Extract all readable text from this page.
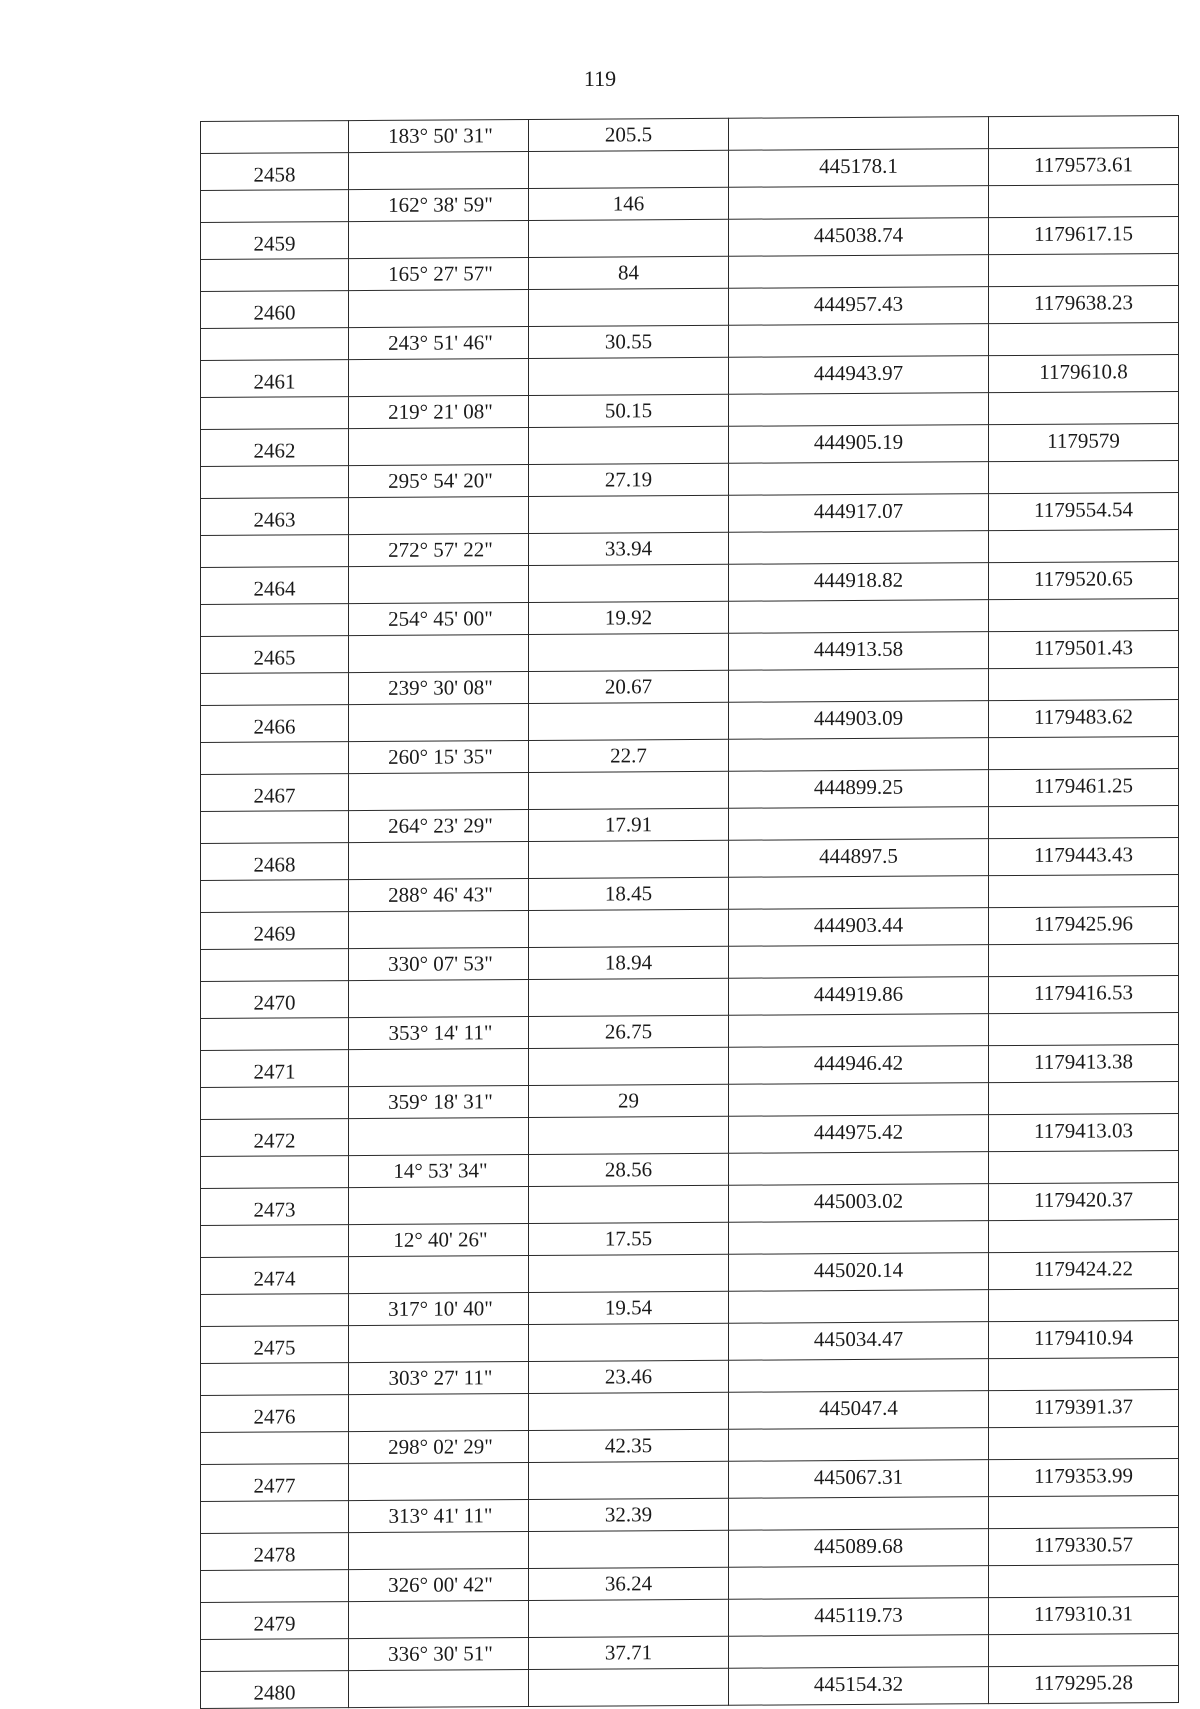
119
	183° 50' 31"	205.5		
2458			445178.1	1179573.61
	162° 38' 59"	146		
2459			445038.74	1179617.15
	165° 27' 57"	84		
2460			444957.43	1179638.23
	243° 51' 46"	30.55		
2461			444943.97	1179610.8
	219° 21' 08"	50.15		
2462			444905.19	1179579
	295° 54' 20"	27.19		
2463			444917.07	1179554.54
	272° 57' 22"	33.94		
2464			444918.82	1179520.65
	254° 45' 00"	19.92		
2465			444913.58	1179501.43
	239° 30' 08"	20.67		
2466			444903.09	1179483.62
	260° 15' 35"	22.7		
2467			444899.25	1179461.25
	264° 23' 29"	17.91		
2468			444897.5	1179443.43
	288° 46' 43"	18.45		
2469			444903.44	1179425.96
	330° 07' 53"	18.94		
2470			444919.86	1179416.53
	353° 14' 11"	26.75		
2471			444946.42	1179413.38
	359° 18' 31"	29		
2472			444975.42	1179413.03
	14° 53' 34"	28.56		
2473			445003.02	1179420.37
	12° 40' 26"	17.55		
2474			445020.14	1179424.22
	317° 10' 40"	19.54		
2475			445034.47	1179410.94
	303° 27' 11"	23.46		
2476			445047.4	1179391.37
	298° 02' 29"	42.35		
2477			445067.31	1179353.99
	313° 41' 11"	32.39		
2478			445089.68	1179330.57
	326° 00' 42"	36.24		
2479			445119.73	1179310.31
	336° 30' 51"	37.71		
2480			445154.32	1179295.28
